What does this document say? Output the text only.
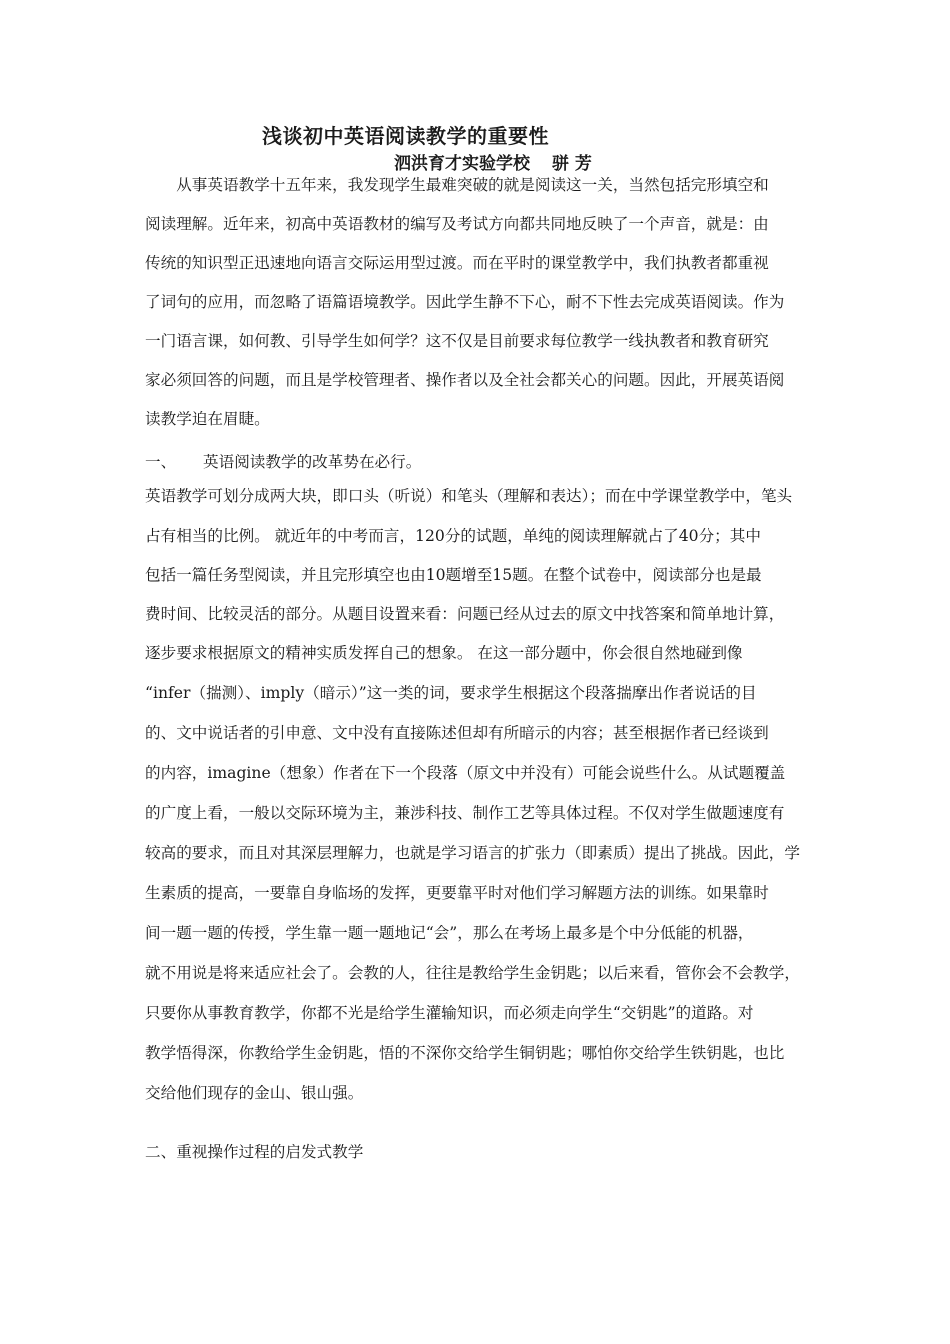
浅谈初中英语阅读教学的重要性
泗洪育才实验学校 骈 芳
　　从事英语教学十五年来，我发现学生最难突破的就是阅读这一关，当然包括完形填空和
阅读理解。近年来，初高中英语教材的编写及考试方向都共同地反映了一个声音，就是：由
传统的知识型正迅速地向语言交际运用型过渡。而在平时的课堂教学中，我们执教者都重视
了词句的应用，而忽略了语篇语境教学。因此学生静不下心，耐不下性去完成英语阅读。作为
一门语言课，如何教、引导学生如何学？这不仅是目前要求每位教学一线执教者和教育研究
家必须回答的问题，而且是学校管理者、操作者以及全社会都关心的问题。因此，开展英语阅
读教学迫在眉睫。
一、 英语阅读教学的改革势在必行。
英语教学可划分成两大块，即口头（听说）和笔头（理解和表达）；而在中学课堂教学中，笔头
占有相当的比例。 就近年的中考而言，120分的试题，单纯的阅读理解就占了40分；其中
包括一篇任务型阅读，并且完形填空也由10题增至15题。在整个试卷中，阅读部分也是最
费时间、比较灵活的部分。从题目设置来看：问题已经从过去的原文中找答案和简单地计算，
逐步要求根据原文的精神实质发挥自己的想象。 在这一部分题中，你会很自然地碰到像
“infer（揣测）、imply（暗示）”这一类的词，要求学生根据这个段落揣摩出作者说话的目
的、文中说话者的引申意、文中没有直接陈述但却有所暗示的内容；甚至根据作者已经谈到
的内容，imagine（想象）作者在下一个段落（原文中并没有）可能会说些什么。从试题覆盖
的广度上看，一般以交际环境为主，兼涉科技、制作工艺等具体过程。不仅对学生做题速度有
较高的要求，而且对其深层理解力，也就是学习语言的扩张力（即素质）提出了挑战。因此，学
生素质的提高，一要靠自身临场的发挥，更要靠平时对他们学习解题方法的训练。如果靠时
间一题一题的传授，学生靠一题一题地记“会”，那么在考场上最多是个中分低能的机器，
就不用说是将来适应社会了。会教的人，往往是教给学生金钥匙；以后来看，管你会不会教学，
只要你从事教育教学，你都不光是给学生灌输知识，而必须走向学生“交钥匙”的道路。对
教学悟得深，你教给学生金钥匙，悟的不深你交给学生铜钥匙；哪怕你交给学生铁钥匙，也比
交给他们现存的金山、银山强。
二、重视操作过程的启发式教学
